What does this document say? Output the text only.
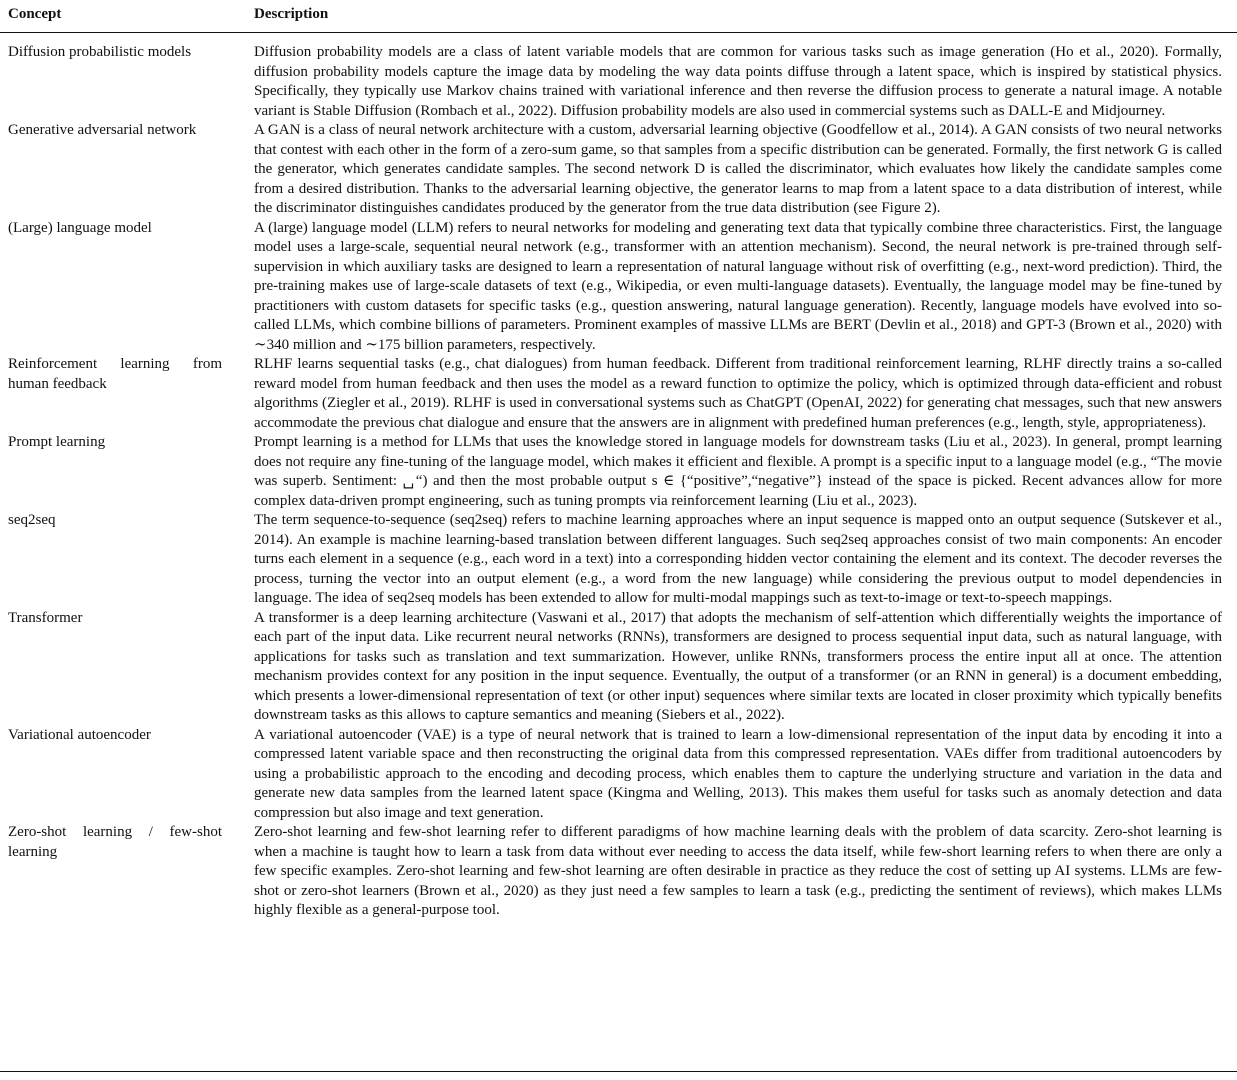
Concept	Description
Diffusion probabilistic models	Diffusion probability models are a class of latent variable models that are common for various tasks such as image generation (Ho et al., 2020). Formally, diffusion probability models capture the image data by modeling the way data points diffuse through a latent space, which is inspired by statistical physics. Specifically, they typically use Markov chains trained with variational inference and then reverse the diffusion process to generate a natural image. A notable variant is Stable Diffusion (Rombach et al., 2022). Diffusion probability models are also used in commercial systems such as DALL-E and Midjourney.
Generative adversarial network	A GAN is a class of neural network architecture with a custom, adversarial learning objective (Goodfellow et al., 2014). A GAN consists of two neural networks that contest with each other in the form of a zero-sum game, so that samples from a specific distribution can be generated. Formally, the first network G is called the generator, which generates candidate samples. The second network D is called the discriminator, which evaluates how likely the candidate samples come from a desired distribution. Thanks to the adversarial learning objective, the generator learns to map from a latent space to a data distribution of interest, while the discriminator distinguishes candidates produced by the generator from the true data distribution (see Figure 2).
(Large) language model	A (large) language model (LLM) refers to neural networks for modeling and generating text data that typically combine three characteristics. First, the language model uses a large-scale, sequential neural network (e.g., transformer with an attention mechanism). Second, the neural network is pre-trained through self-supervision in which auxiliary tasks are designed to learn a representation of natural language without risk of overfitting (e.g., next-word prediction). Third, the pre-training makes use of large-scale datasets of text (e.g., Wikipedia, or even multi-language datasets). Eventually, the language model may be fine-tuned by practitioners with custom datasets for specific tasks (e.g., question answering, natural language generation). Recently, language models have evolved into so-called LLMs, which combine billions of parameters. Prominent examples of massive LLMs are BERT (Devlin et al., 2018) and GPT-3 (Brown et al., 2020) with ∼340 million and ∼175 billion parameters, respectively.
Reinforcement learning from human feedback	RLHF learns sequential tasks (e.g., chat dialogues) from human feedback. Different from traditional reinforcement learning, RLHF directly trains a so-called reward model from human feedback and then uses the model as a reward function to optimize the policy, which is optimized through data-efficient and robust algorithms (Ziegler et al., 2019). RLHF is used in conversational systems such as ChatGPT (OpenAI, 2022) for generating chat messages, such that new answers accommodate the previous chat dialogue and ensure that the answers are in alignment with predefined human preferences (e.g., length, style, appropriateness).
Prompt learning	Prompt learning is a method for LLMs that uses the knowledge stored in language models for downstream tasks (Liu et al., 2023). In general, prompt learning does not require any fine-tuning of the language model, which makes it efficient and flexible. A prompt is a specific input to a language model (e.g., “The movie was superb. Sentiment: ␣“) and then the most probable output s ∈ {“positive”,“negative”} instead of the space is picked. Recent advances allow for more complex data-driven prompt engineering, such as tuning prompts via reinforcement learning (Liu et al., 2023).
seq2seq	The term sequence-to-sequence (seq2seq) refers to machine learning approaches where an input sequence is mapped onto an output sequence (Sutskever et al., 2014). An example is machine learning-based translation between different languages. Such seq2seq approaches consist of two main components: An encoder turns each element in a sequence (e.g., each word in a text) into a corresponding hidden vector containing the element and its context. The decoder reverses the process, turning the vector into an output element (e.g., a word from the new language) while considering the previous output to model dependencies in language. The idea of seq2seq models has been extended to allow for multi-modal mappings such as text-to-image or text-to-speech mappings.
Transformer	A transformer is a deep learning architecture (Vaswani et al., 2017) that adopts the mechanism of self-attention which differentially weights the importance of each part of the input data. Like recurrent neural networks (RNNs), transformers are designed to process sequential input data, such as natural language, with applications for tasks such as translation and text summarization. However, unlike RNNs, transformers process the entire input all at once. The attention mechanism provides context for any position in the input sequence. Eventually, the output of a transformer (or an RNN in general) is a document embedding, which presents a lower-dimensional representation of text (or other input) sequences where similar texts are located in closer proximity which typically benefits downstream tasks as this allows to capture semantics and meaning (Siebers et al., 2022).
Variational autoencoder	A variational autoencoder (VAE) is a type of neural network that is trained to learn a low-dimensional representation of the input data by encoding it into a compressed latent variable space and then reconstructing the original data from this compressed representation. VAEs differ from traditional autoencoders by using a probabilistic approach to the encoding and decoding process, which enables them to capture the underlying structure and variation in the data and generate new data samples from the learned latent space (Kingma and Welling, 2013). This makes them useful for tasks such as anomaly detection and data compression but also image and text generation.
Zero-shot learning / few-shot learning	Zero-shot learning and few-shot learning refer to different paradigms of how machine learning deals with the problem of data scarcity. Zero-shot learning is when a machine is taught how to learn a task from data without ever needing to access the data itself, while few-short learning refers to when there are only a few specific examples. Zero-shot learning and few-shot learning are often desirable in practice as they reduce the cost of setting up AI systems. LLMs are few-shot or zero-shot learners (Brown et al., 2020) as they just need a few samples to learn a task (e.g., predicting the sentiment of reviews), which makes LLMs highly flexible as a general-purpose tool.
